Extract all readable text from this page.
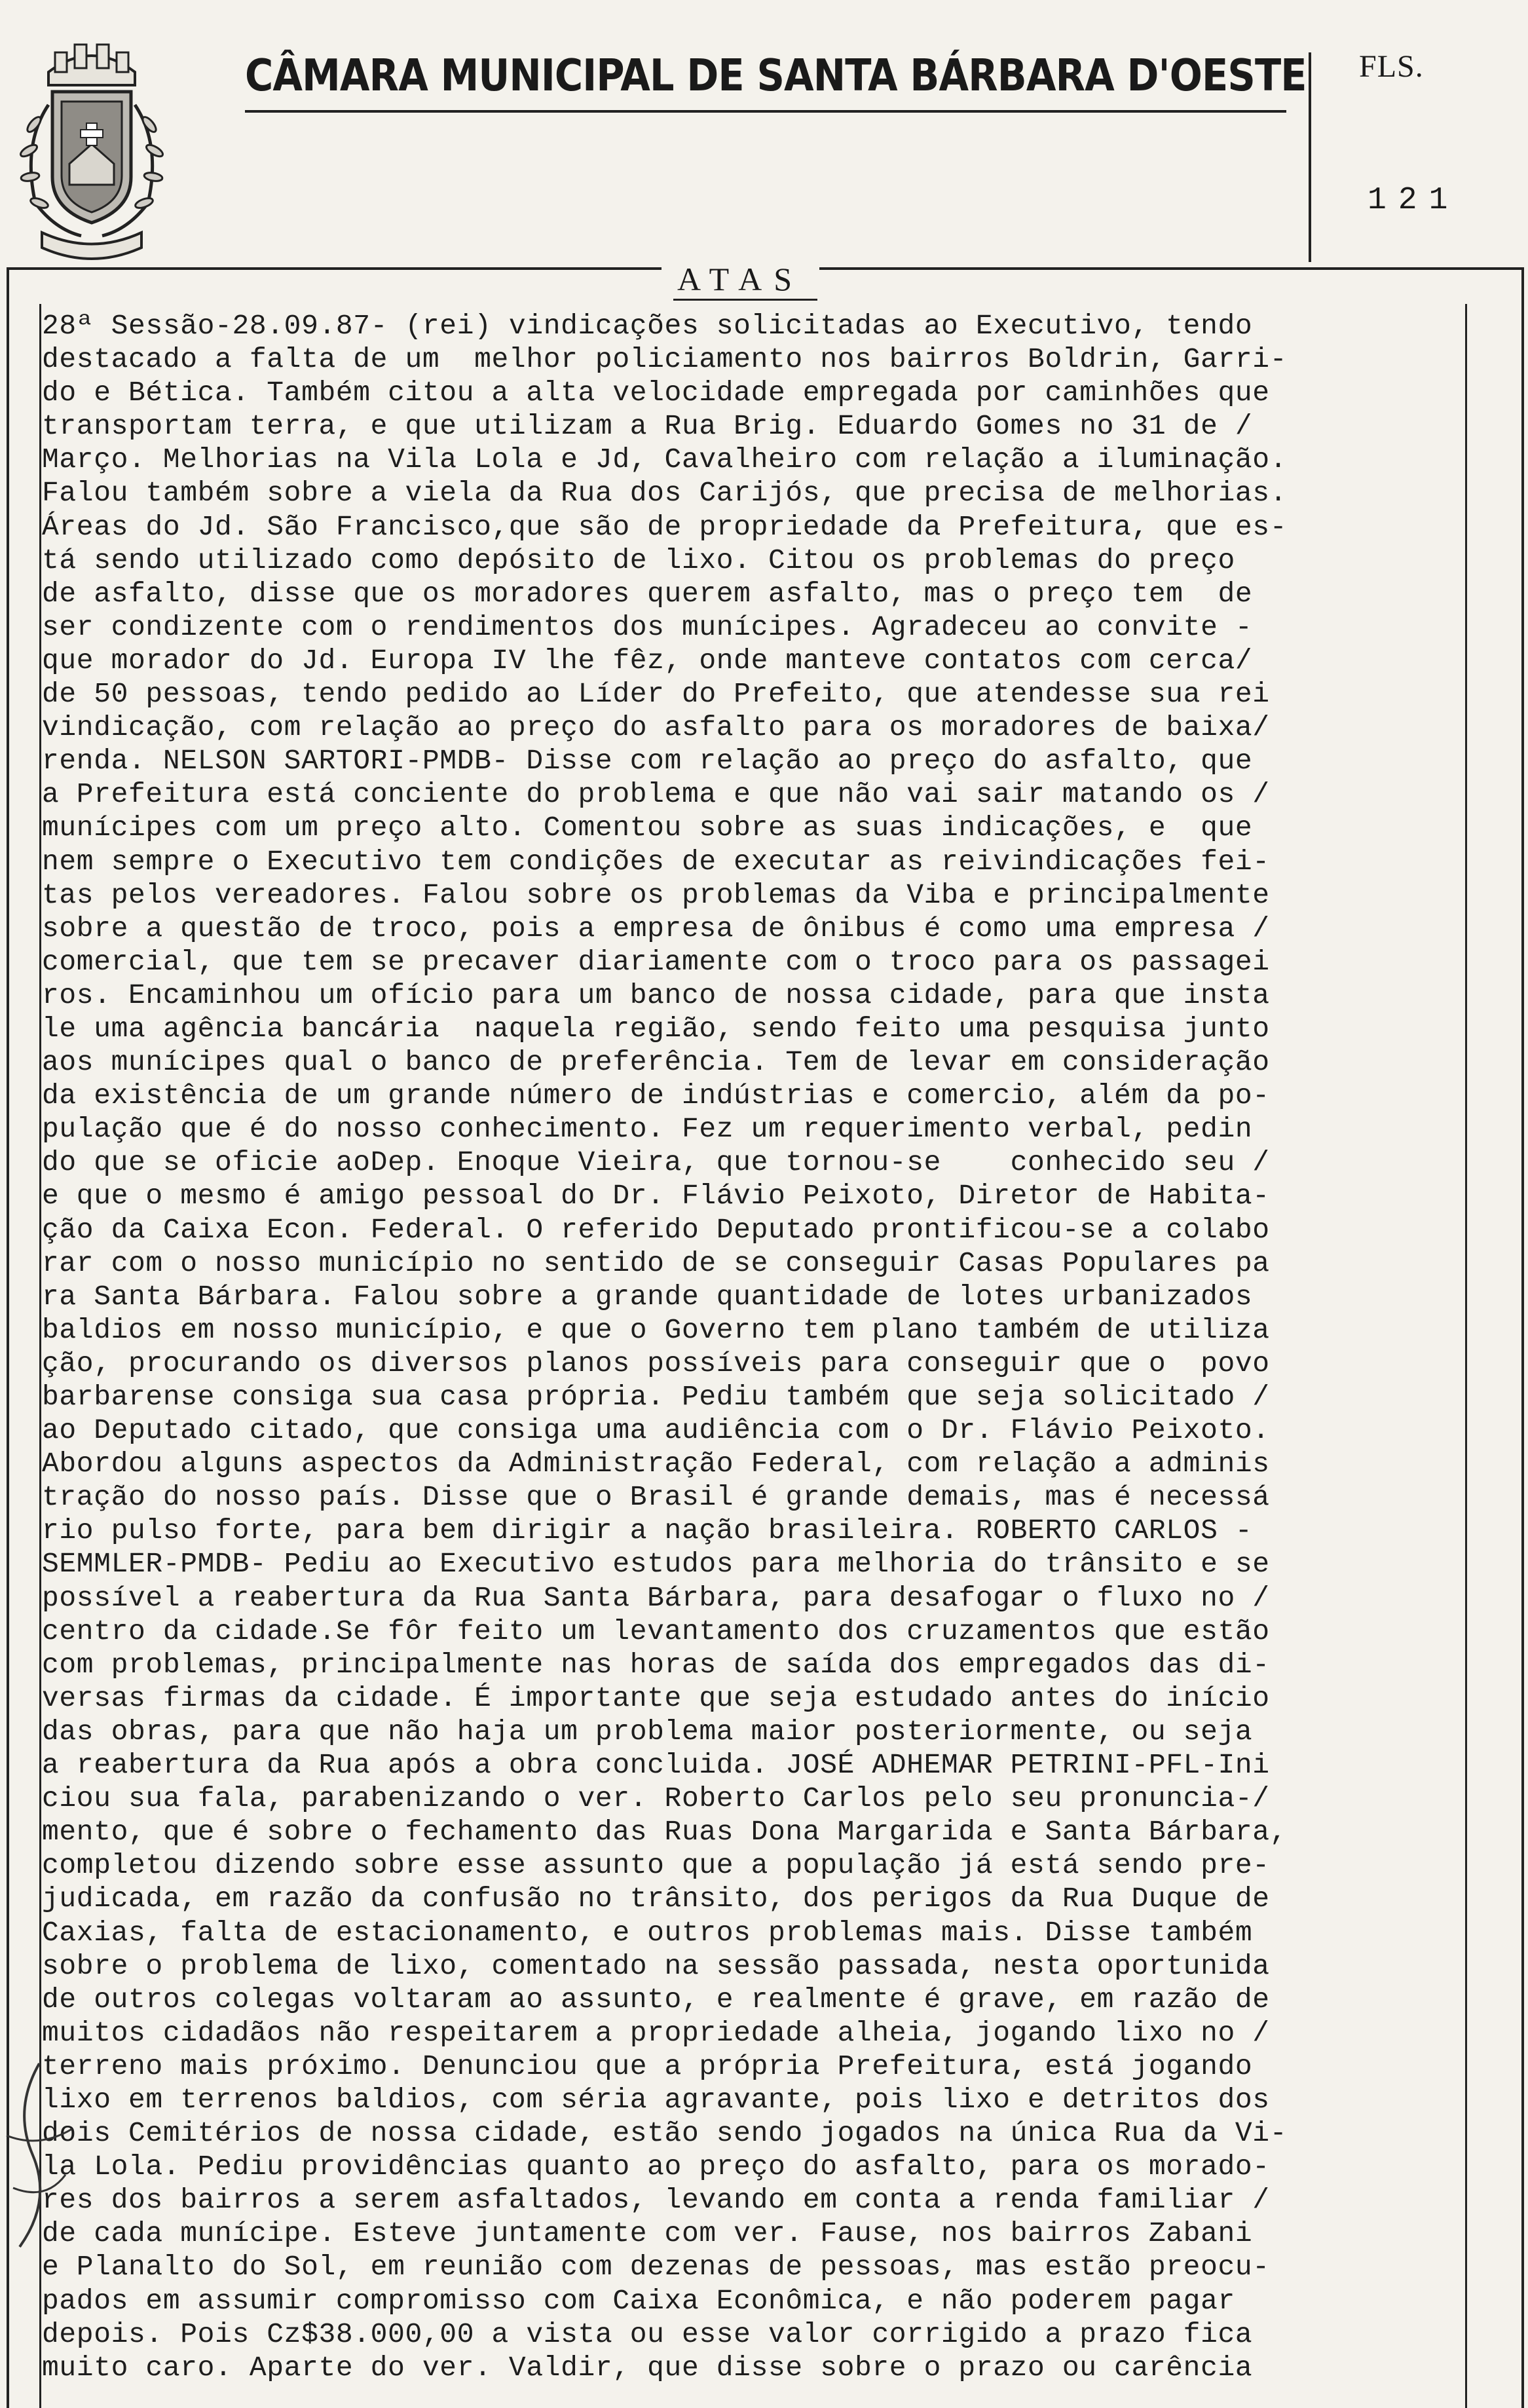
CÂMARA MUNICIPAL DE SANTA BÁRBARA D'OESTE FLS.
121
ATAS
28ª Sessão-28.09.87- (rei) vindicações solicitadas ao Executivo, tendo
destacado a falta de um  melhor policiamento nos bairros Boldrin, Garri-
do e Bética. Também citou a alta velocidade empregada por caminhões que
transportam terra, e que utilizam a Rua Brig. Eduardo Gomes no 31 de /
Março. Melhorias na Vila Lola e Jd, Cavalheiro com relação a iluminação.
Falou também sobre a viela da Rua dos Carijós, que precisa de melhorias.
Áreas do Jd. São Francisco,que são de propriedade da Prefeitura, que es-
tá sendo utilizado como depósito de lixo. Citou os problemas do preço
de asfalto, disse que os moradores querem asfalto, mas o preço tem  de
ser condizente com o rendimentos dos munícipes. Agradeceu ao convite -
que morador do Jd. Europa IV lhe fêz, onde manteve contatos com cerca/
de 50 pessoas, tendo pedido ao Líder do Prefeito, que atendesse sua rei
vindicação, com relação ao preço do asfalto para os moradores de baixa/
renda. NELSON SARTORI-PMDB- Disse com relação ao preço do asfalto, que
a Prefeitura está conciente do problema e que não vai sair matando os /
munícipes com um preço alto. Comentou sobre as suas indicações, e  que
nem sempre o Executivo tem condições de executar as reivindicações fei-
tas pelos vereadores. Falou sobre os problemas da Viba e principalmente
sobre a questão de troco, pois a empresa de ônibus é como uma empresa /
comercial, que tem se precaver diariamente com o troco para os passagei
ros. Encaminhou um ofício para um banco de nossa cidade, para que insta
le uma agência bancária  naquela região, sendo feito uma pesquisa junto
aos munícipes qual o banco de preferência. Tem de levar em consideração
da existência de um grande número de indústrias e comercio, além da po-
pulação que é do nosso conhecimento. Fez um requerimento verbal, pedin
do que se oficie aoDep. Enoque Vieira, que tornou-se    conhecido seu /
e que o mesmo é amigo pessoal do Dr. Flávio Peixoto, Diretor de Habita-
ção da Caixa Econ. Federal. O referido Deputado prontificou-se a colabo
rar com o nosso município no sentido de se conseguir Casas Populares pa
ra Santa Bárbara. Falou sobre a grande quantidade de lotes urbanizados
baldios em nosso município, e que o Governo tem plano também de utiliza
ção, procurando os diversos planos possíveis para conseguir que o  povo
barbarense consiga sua casa própria. Pediu também que seja solicitado /
ao Deputado citado, que consiga uma audiência com o Dr. Flávio Peixoto.
Abordou alguns aspectos da Administração Federal, com relação a adminis
tração do nosso país. Disse que o Brasil é grande demais, mas é necessá
rio pulso forte, para bem dirigir a nação brasileira. ROBERTO CARLOS -
SEMMLER-PMDB- Pediu ao Executivo estudos para melhoria do trânsito e se
possível a reabertura da Rua Santa Bárbara, para desafogar o fluxo no /
centro da cidade.Se fôr feito um levantamento dos cruzamentos que estão
com problemas, principalmente nas horas de saída dos empregados das di-
versas firmas da cidade. É importante que seja estudado antes do início
das obras, para que não haja um problema maior posteriormente, ou seja
a reabertura da Rua após a obra concluida. JOSÉ ADHEMAR PETRINI-PFL-Ini
ciou sua fala, parabenizando o ver. Roberto Carlos pelo seu pronuncia-/
mento, que é sobre o fechamento das Ruas Dona Margarida e Santa Bárbara,
completou dizendo sobre esse assunto que a população já está sendo pre-
judicada, em razão da confusão no trânsito, dos perigos da Rua Duque de
Caxias, falta de estacionamento, e outros problemas mais. Disse também
sobre o problema de lixo, comentado na sessão passada, nesta oportunida
de outros colegas voltaram ao assunto, e realmente é grave, em razão de
muitos cidadãos não respeitarem a propriedade alheia, jogando lixo no /
terreno mais próximo. Denunciou que a própria Prefeitura, está jogando
lixo em terrenos baldios, com séria agravante, pois lixo e detritos dos
dois Cemitérios de nossa cidade, estão sendo jogados na única Rua da Vi-
la Lola. Pediu providências quanto ao preço do asfalto, para os morado-
res dos bairros a serem asfaltados, levando em conta a renda familiar /
de cada munícipe. Esteve juntamente com ver. Fause, nos bairros Zabani
e Planalto do Sol, em reunião com dezenas de pessoas, mas estão preocu-
pados em assumir compromisso com Caixa Econômica, e não poderem pagar
depois. Pois Cz$38.000,00 a vista ou esse valor corrigido a prazo fica
muito caro. Aparte do ver. Valdir, que disse sobre o prazo ou carência
